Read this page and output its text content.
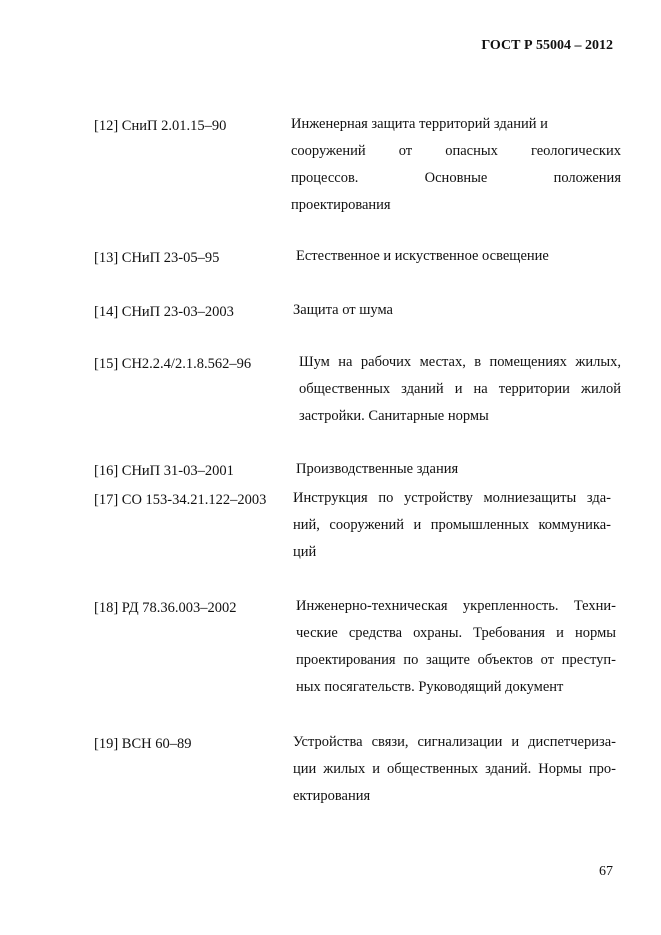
ГОСТ Р 55004 – 2012
[12] СниП 2.01.15–90	Инженерная защита территорий зданий и
сооружений от опасных геологических
процессов. Основные положения
проектирования
[13] СНиП 23-05–95	Естественное и искуственное освещение
[14] СНиП 23-03–2003	Защита от шума
[15] СН2.2.4/2.1.8.562–96	Шум на рабочих местах, в помещениях жилых,
общественных зданий и на территории жилой
застройки. Санитарные нормы
[16] СНиП 31-03–2001	Производственные здания
[17] СО 153-34.21.122–2003 Инструкция по устройству молниезащиты зда-
ний, сооружений и промышленных коммуника-
ций
[18] РД 78.36.003–2002	Инженерно-техническая укрепленность. Техни-
ческие средства охраны. Требования и нормы
проектирования по защите объектов от преступ-
ных посягательств. Руководящий документ
[19] ВСН 60–89	Устройства связи, сигнализации и диспетчериза-
ции жилых и общественных зданий. Нормы про-
ектирования
67
